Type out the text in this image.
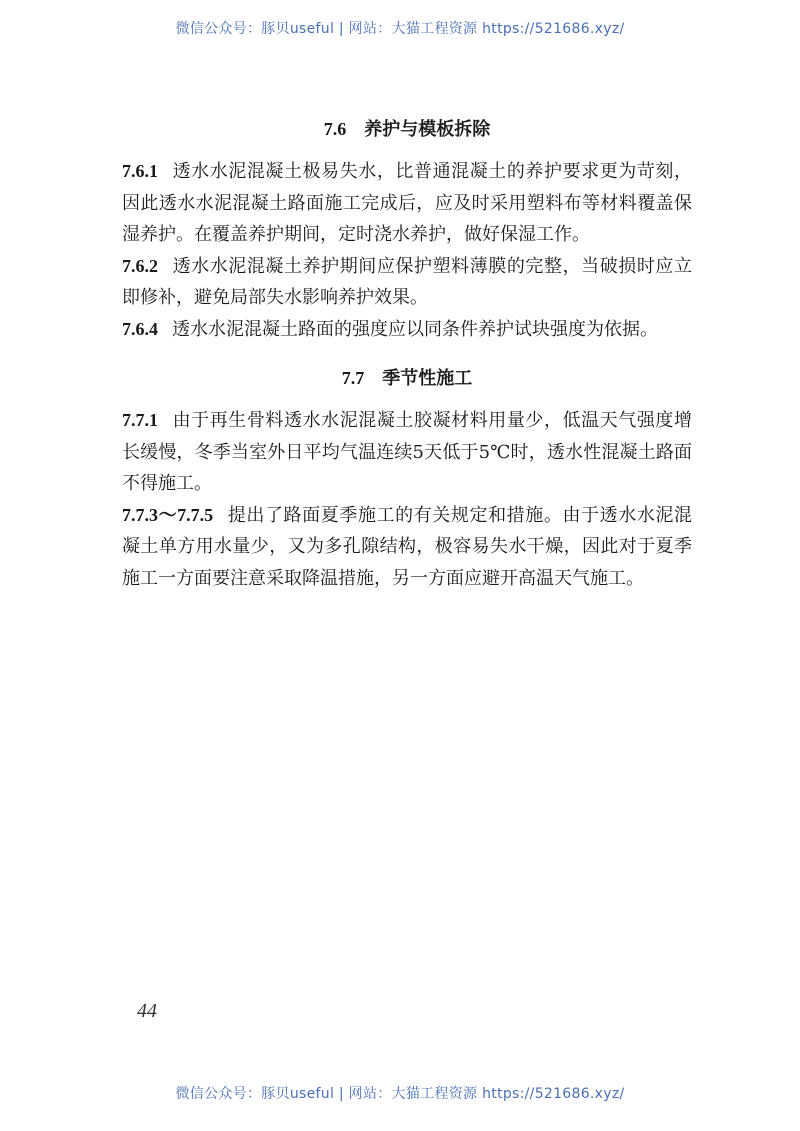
微信公众号：豚贝useful | 网站：大猫工程资源 https://521686.xyz/
7.6 养护与模板拆除

7.6.1 透水水泥混凝土极易失水，比普通混凝土的养护要求更为苛刻，因此透水水泥混凝土路面施工完成后，应及时采用塑料布等材料覆盖保湿养护。在覆盖养护期间，定时浇水养护，做好保湿工作。

7.6.2 透水水泥混凝土养护期间应保护塑料薄膜的完整，当破损时应立即修补，避免局部失水影响养护效果。

7.6.4 透水水泥混凝土路面的强度应以同条件养护试块强度为依据。

7.7 季节性施工

7.7.1 由于再生骨料透水水泥混凝土胶凝材料用量少，低温天气强度增长缓慢，冬季当室外日平均气温连续5天低于5℃时，透水性混凝土路面不得施工。

7.7.3～7.7.5 提出了路面夏季施工的有关规定和措施。由于透水水泥混凝土单方用水量少，又为多孔隙结构，极容易失水干燥，因此对于夏季施工一方面要注意采取降温措施，另一方面应避开高温天气施工。

44
微信公众号：豚贝useful | 网站：大猫工程资源 https://521686.xyz/
